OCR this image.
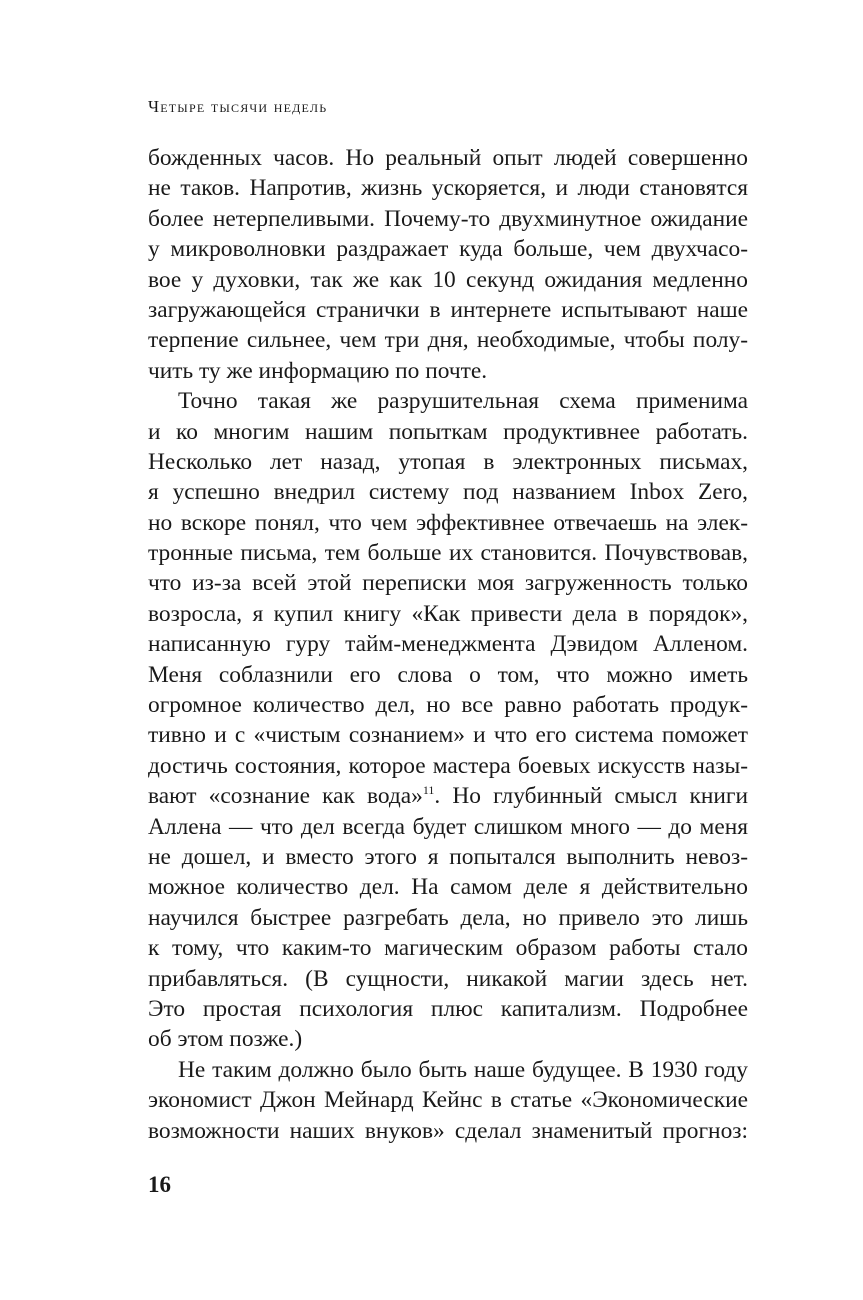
Четыре тысячи недель
божденных часов. Но реальный опыт людей совершенно
не таков. Напротив, жизнь ускоряется, и люди становятся
более нетерпеливыми. Почему-то двухминутное ожидание
у микроволновки раздражает куда больше, чем двухчасо-
вое у духовки, так же как 10 секунд ожидания медленно
загружающейся странички в интернете испытывают наше
терпение сильнее, чем три дня, необходимые, чтобы полу-
чить ту же информацию по почте.
Точно такая же разрушительная схема применима
и ко многим нашим попыткам продуктивнее работать.
Несколько лет назад, утопая в электронных письмах,
я успешно внедрил систему под названием Inbox Zero,
но вскоре понял, что чем эффективнее отвечаешь на элек-
тронные письма, тем больше их становится. Почувствовав,
что из-за всей этой переписки моя загруженность только
возросла, я купил книгу «Как привести дела в порядок»,
написанную гуру тайм-менеджмента Дэвидом Алленом.
Меня соблазнили его слова о том, что можно иметь
огромное количество дел, но все равно работать продук-
тивно и с «чистым сознанием» и что его система поможет
достичь состояния, которое мастера боевых искусств назы-
вают «сознание как вода»$^{11}$. Но глубинный смысл книги
Аллена — что дел всегда будет слишком много — до меня
не дошел, и вместо этого я попытался выполнить невоз-
можное количество дел. На самом деле я действительно
научился быстрее разгребать дела, но привело это лишь
к тому, что каким-то магическим образом работы стало
прибавляться. (В сущности, никакой магии здесь нет.
Это простая психология плюс капитализм. Подробнее
об этом позже.)
Не таким должно было быть наше будущее. В 1930 году
экономист Джон Мейнард Кейнс в статье «Экономические
возможности наших внуков» сделал знаменитый прогноз:
16
